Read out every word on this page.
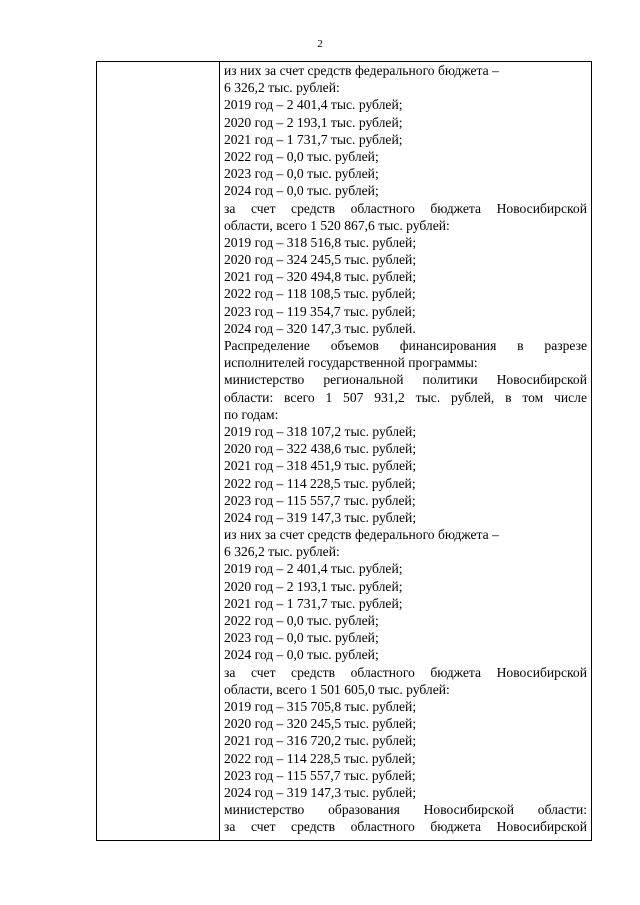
2

из них за счет средств федерального бюджета –
6 326,2 тыс. рублей:
2019 год – 2 401,4 тыс. рублей;
2020 год – 2 193,1 тыс. рублей;
2021 год – 1 731,7 тыс. рублей;
2022 год – 0,0 тыс. рублей;
2023 год – 0,0 тыс. рублей;
2024 год – 0,0 тыс. рублей;
за счет средств областного бюджета Новосибирской
области, всего 1 520 867,6 тыс. рублей:
2019 год – 318 516,8 тыс. рублей;
2020 год – 324 245,5 тыс. рублей;
2021 год – 320 494,8 тыс. рублей;
2022 год – 118 108,5 тыс. рублей;
2023 год – 119 354,7 тыс. рублей;
2024 год – 320 147,3 тыс. рублей.
Распределение объемов финансирования в разрезе
исполнителей государственной программы:
министерство региональной политики Новосибирской
области: всего 1 507 931,2 тыс. рублей, в том числе
по годам:
2019 год – 318 107,2 тыс. рублей;
2020 год – 322 438,6 тыс. рублей;
2021 год – 318 451,9 тыс. рублей;
2022 год – 114 228,5 тыс. рублей;
2023 год – 115 557,7 тыс. рублей;
2024 год – 319 147,3 тыс. рублей;
из них за счет средств федерального бюджета –
6 326,2 тыс. рублей:
2019 год – 2 401,4 тыс. рублей;
2020 год – 2 193,1 тыс. рублей;
2021 год – 1 731,7 тыс. рублей;
2022 год – 0,0 тыс. рублей;
2023 год – 0,0 тыс. рублей;
2024 год – 0,0 тыс. рублей;
за счет средств областного бюджета Новосибирской
области, всего 1 501 605,0 тыс. рублей:
2019 год – 315 705,8 тыс. рублей;
2020 год – 320 245,5 тыс. рублей;
2021 год – 316 720,2 тыс. рублей;
2022 год – 114 228,5 тыс. рублей;
2023 год – 115 557,7 тыс. рублей;
2024 год – 319 147,3 тыс. рублей;
министерство образования Новосибирской области:
за счет средств областного бюджета Новосибирской
